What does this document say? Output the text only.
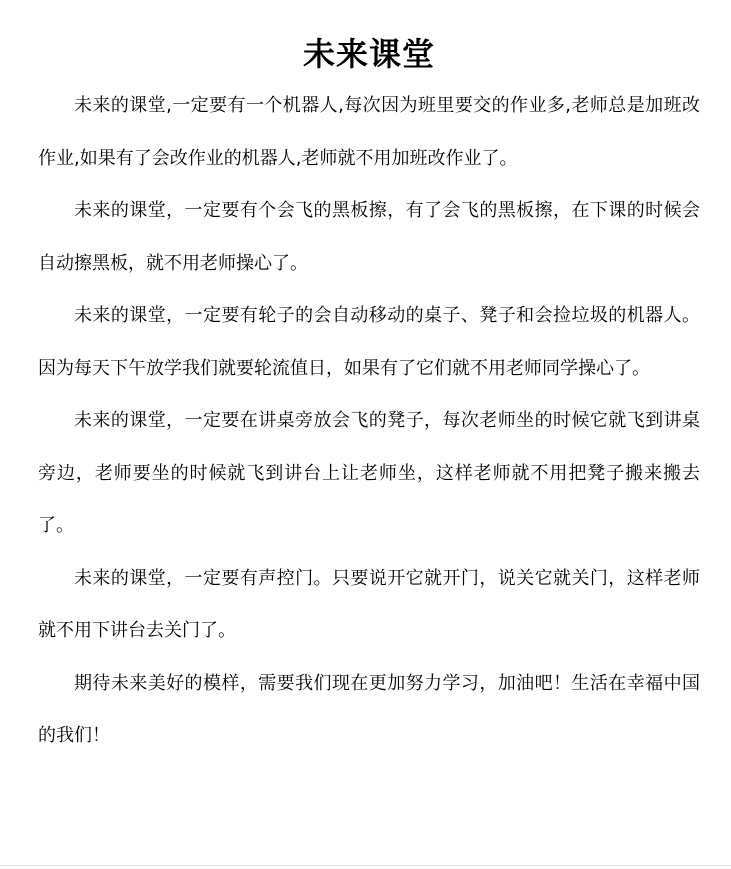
未来课堂

未来的课堂,一定要有一个机器人,每次因为班里要交的作业多,老师总是加班改作业,如果有了会改作业的机器人,老师就不用加班改作业了。

未来的课堂，一定要有个会飞的黑板擦，有了会飞的黑板擦，在下课的时候会自动擦黑板，就不用老师操心了。

未来的课堂，一定要有轮子的会自动移动的桌子、凳子和会捡垃圾的机器人。因为每天下午放学我们就要轮流值日，如果有了它们就不用老师同学操心了。

未来的课堂，一定要在讲桌旁放会飞的凳子，每次老师坐的时候它就飞到讲桌旁边，老师要坐的时候就飞到讲台上让老师坐，这样老师就不用把凳子搬来搬去了。

未来的课堂，一定要有声控门。只要说开它就开门，说关它就关门，这样老师就不用下讲台去关门了。

期待未来美好的模样，需要我们现在更加努力学习，加油吧！生活在幸福中国的我们！
